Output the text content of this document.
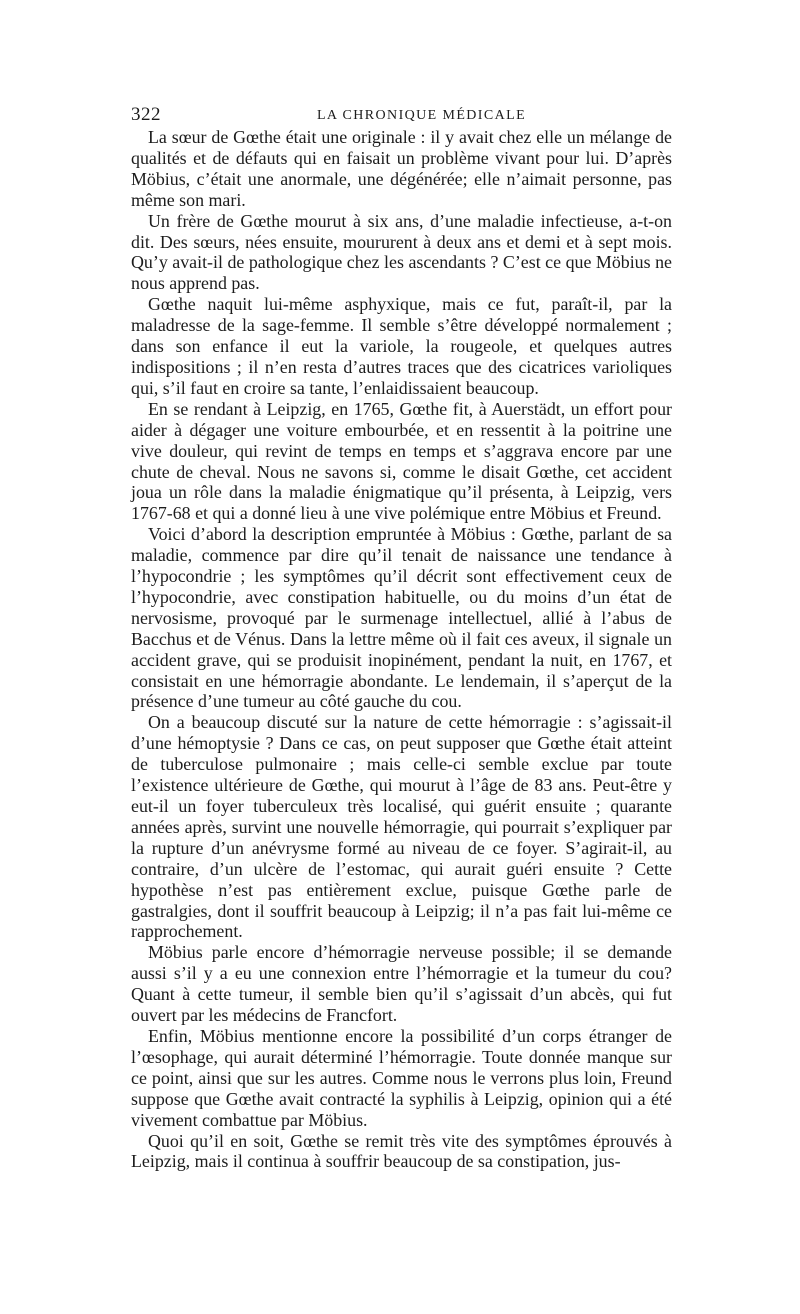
322	LA CHRONIQUE MÉDICALE

La sœur de Gœthe était une originale : il y avait chez elle un mélange de qualités et de défauts qui en faisait un problème vivant pour lui. D’après Möbius, c’était une anormale, une dégénérée; elle n’aimait personne, pas même son mari.

Un frère de Gœthe mourut à six ans, d’une maladie infectieuse, a-t-on dit. Des sœurs, nées ensuite, moururent à deux ans et demi et à sept mois. Qu’y avait-il de pathologique chez les ascendants ? C’est ce que Möbius ne nous apprend pas.

Gœthe naquit lui-même asphyxique, mais ce fut, paraît-il, par la maladresse de la sage-femme. Il semble s’être développé normalement ; dans son enfance il eut la variole, la rougeole, et quelques autres indispositions ; il n’en resta d’autres traces que des cicatrices varioliques qui, s’il faut en croire sa tante, l’enlaidissaient beaucoup.

En se rendant à Leipzig, en 1765, Gœthe fit, à Auerstädt, un effort pour aider à dégager une voiture embourbée, et en ressentit à la poitrine une vive douleur, qui revint de temps en temps et s’aggrava encore par une chute de cheval. Nous ne savons si, comme le disait Gœthe, cet accident joua un rôle dans la maladie énigmatique qu’il présenta, à Leipzig, vers 1767-68 et qui a donné lieu à une vive polémique entre Möbius et Freund.

Voici d’abord la description empruntée à Möbius : Gœthe, parlant de sa maladie, commence par dire qu’il tenait de naissance une tendance à l’hypocondrie ; les symptômes qu’il décrit sont effectivement ceux de l’hypocondrie, avec constipation habituelle, ou du moins d’un état de nervosisme, provoqué par le surmenage intellectuel, allié à l’abus de Bacchus et de Vénus. Dans la lettre même où il fait ces aveux, il signale un accident grave, qui se produisit inopinément, pendant la nuit, en 1767, et consistait en une hémorragie abondante. Le lendemain, il s’aperçut de la présence d’une tumeur au côté gauche du cou.

On a beaucoup discuté sur la nature de cette hémorragie : s’agissait-il d’une hémoptysie ? Dans ce cas, on peut supposer que Gœthe était atteint de tuberculose pulmonaire ; mais celle-ci semble exclue par toute l’existence ultérieure de Gœthe, qui mourut à l’âge de 83 ans. Peut-être y eut-il un foyer tuberculeux très localisé, qui guérit ensuite ; quarante années après, survint une nouvelle hémorragie, qui pourrait s’expliquer par la rupture d’un anévrysme formé au niveau de ce foyer. S’agirait-il, au contraire, d’un ulcère de l’estomac, qui aurait guéri ensuite ? Cette hypothèse n’est pas entièrement exclue, puisque Gœthe parle de gastralgies, dont il souffrit beaucoup à Leipzig; il n’a pas fait lui-même ce rapprochement.

Möbius parle encore d’hémorragie nerveuse possible; il se demande aussi s’il y a eu une connexion entre l’hémorragie et la tumeur du cou? Quant à cette tumeur, il semble bien qu’il s’agissait d’un abcès, qui fut ouvert par les médecins de Francfort.

Enfin, Möbius mentionne encore la possibilité d’un corps étranger de l’œsophage, qui aurait déterminé l’hémorragie. Toute donnée manque sur ce point, ainsi que sur les autres. Comme nous le verrons plus loin, Freund suppose que Gœthe avait contracté la syphilis à Leipzig, opinion qui a été vivement combattue par Möbius.

Quoi qu’il en soit, Gœthe se remit très vite des symptômes éprouvés à Leipzig, mais il continua à souffrir beaucoup de sa constipation, jus-
